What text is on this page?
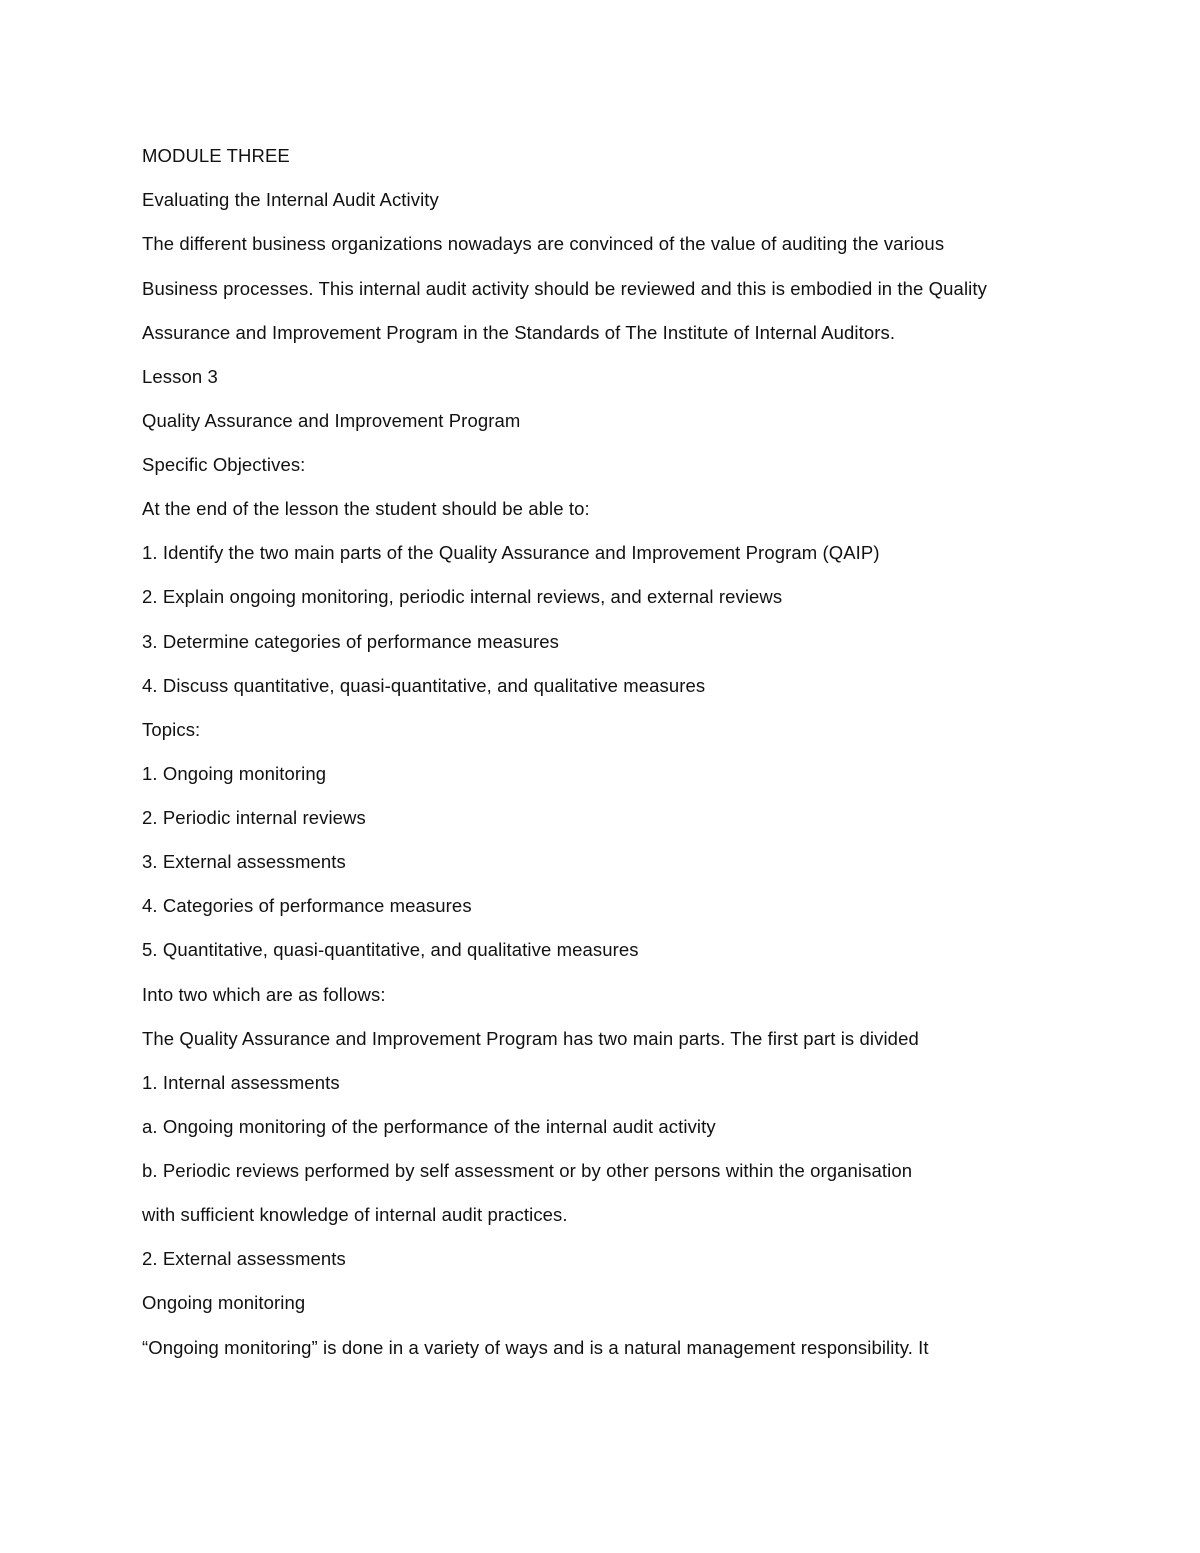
MODULE THREE
Evaluating the Internal Audit Activity
The different business organizations nowadays are convinced of the value of auditing the various
Business processes. This internal audit activity should be reviewed and this is embodied in the Quality
Assurance and Improvement Program in the Standards of The Institute of Internal Auditors.
Lesson 3
Quality Assurance and Improvement Program
Specific Objectives:
At the end of the lesson the student should be able to:
1. Identify the two main parts of the Quality Assurance and Improvement Program (QAIP)
2. Explain ongoing monitoring, periodic internal reviews, and external reviews
3. Determine categories of performance measures
4. Discuss quantitative, quasi-quantitative, and qualitative measures
Topics:
1. Ongoing monitoring
2. Periodic internal reviews
3. External assessments
4. Categories of performance measures
5. Quantitative, quasi-quantitative, and qualitative measures
Into two which are as follows:
The Quality Assurance and Improvement Program has two main parts. The first part is divided
1. Internal assessments
a. Ongoing monitoring of the performance of the internal audit activity
b. Periodic reviews performed by self assessment or by other persons within the organisation
with sufficient knowledge of internal audit practices.
2. External assessments
Ongoing monitoring
“Ongoing monitoring” is done in a variety of ways and is a natural management responsibility. It
